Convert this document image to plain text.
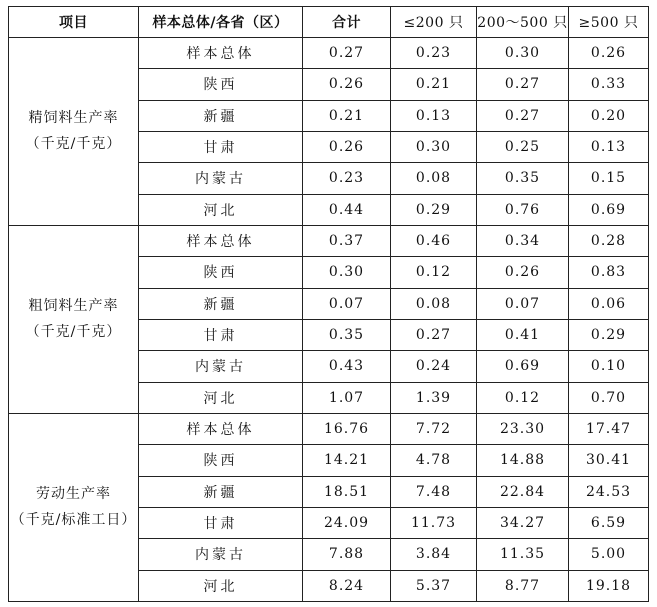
项目	样本总体/各省（区）	合计	≤200 只	200～500 只	≥500 只

精饲料生产率
（千克/千克）	样本总体	0.27	0.23	0.30	0.26
	陕西	0.26	0.21	0.27	0.33
	新疆	0.21	0.13	0.27	0.20
	甘肃	0.26	0.30	0.25	0.13
	内蒙古	0.23	0.08	0.35	0.15
	河北	0.44	0.29	0.76	0.69

粗饲料生产率
（千克/千克）	样本总体	0.37	0.46	0.34	0.28
	陕西	0.30	0.12	0.26	0.83
	新疆	0.07	0.08	0.07	0.06
	甘肃	0.35	0.27	0.41	0.29
	内蒙古	0.43	0.24	0.69	0.10
	河北	1.07	1.39	0.12	0.70

劳动生产率
（千克/标准工日）	样本总体	16.76	7.72	23.30	17.47
	陕西	14.21	4.78	14.88	30.41
	新疆	18.51	7.48	22.84	24.53
	甘肃	24.09	11.73	34.27	6.59
	内蒙古	7.88	3.84	11.35	5.00
	河北	8.24	5.37	8.77	19.18
